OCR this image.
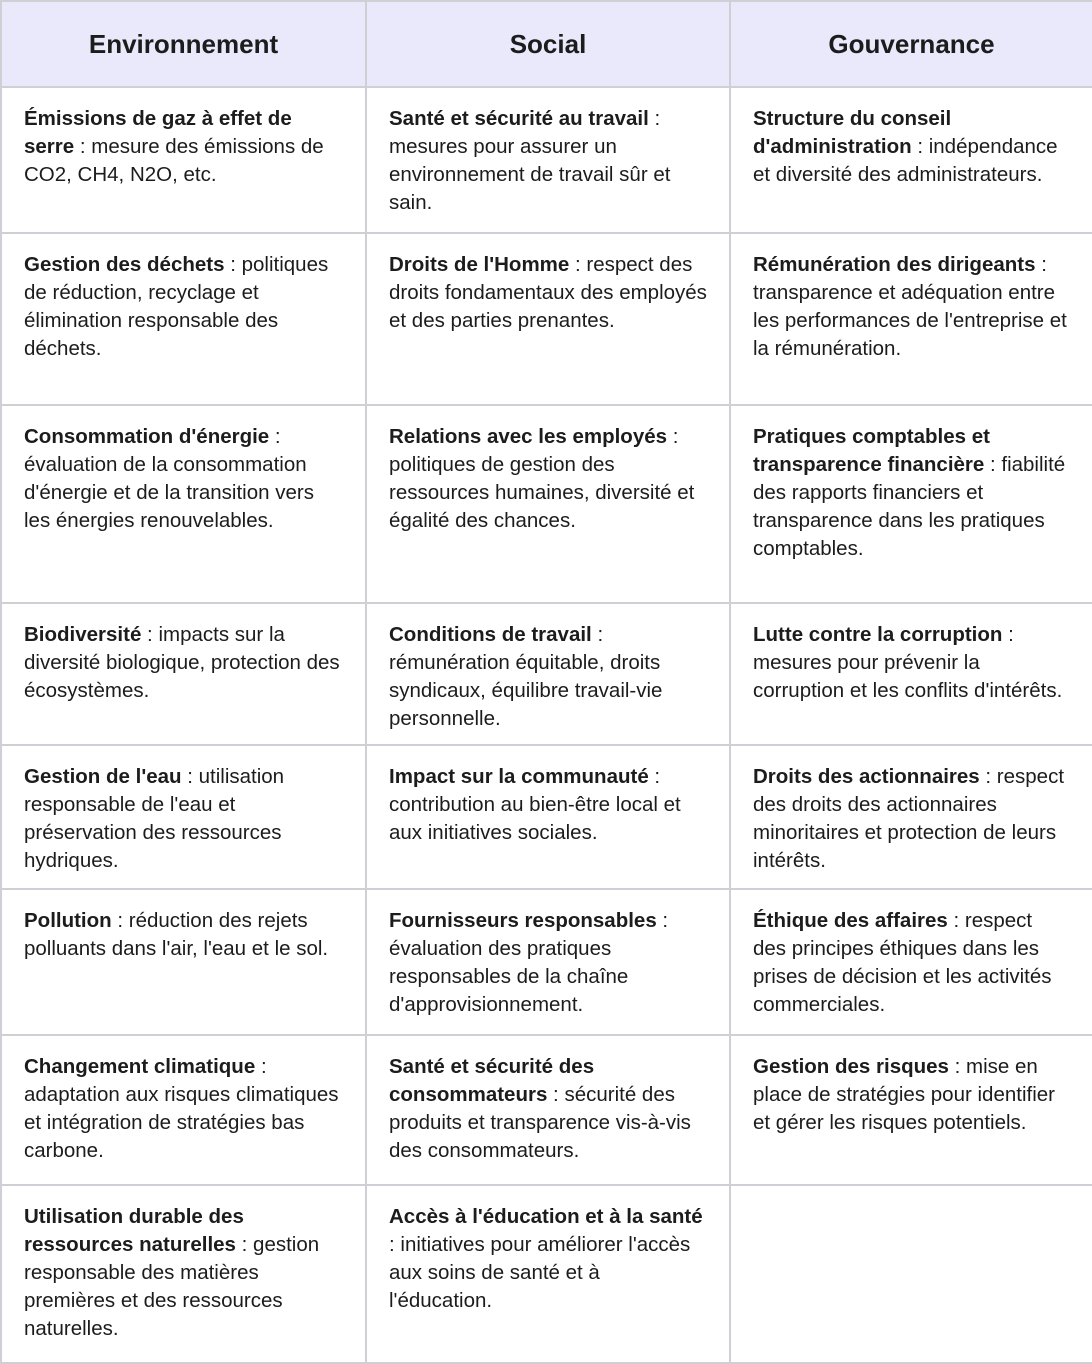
Environnement	Social	Gouvernance
Émissions de gaz à effet de serre : mesure des émissions de CO2, CH4, N2O, etc.	Santé et sécurité au travail : mesures pour assurer un environnement de travail sûr et sain.	Structure du conseil d'administration : indépendance et diversité des administrateurs.
Gestion des déchets : politiques de réduction, recyclage et élimination responsable des déchets.	Droits de l'Homme : respect des droits fondamentaux des employés et des parties prenantes.	Rémunération des dirigeants : transparence et adéquation entre les performances de l'entreprise et la rémunération.
Consommation d'énergie : évaluation de la consommation d'énergie et de la transition vers les énergies renouvelables.	Relations avec les employés : politiques de gestion des ressources humaines, diversité et égalité des chances.	Pratiques comptables et transparence financière : fiabilité des rapports financiers et transparence dans les pratiques comptables.
Biodiversité : impacts sur la diversité biologique, protection des écosystèmes.	Conditions de travail : rémunération équitable, droits syndicaux, équilibre travail-vie personnelle.	Lutte contre la corruption : mesures pour prévenir la corruption et les conflits d'intérêts.
Gestion de l'eau : utilisation responsable de l'eau et préservation des ressources hydriques.	Impact sur la communauté : contribution au bien-être local et aux initiatives sociales.	Droits des actionnaires : respect des droits des actionnaires minoritaires et protection de leurs intérêts.
Pollution : réduction des rejets polluants dans l'air, l'eau et le sol.	Fournisseurs responsables : évaluation des pratiques responsables de la chaîne d'approvisionnement.	Éthique des affaires : respect des principes éthiques dans les prises de décision et les activités commerciales.
Changement climatique : adaptation aux risques climatiques et intégration de stratégies bas carbone.	Santé et sécurité des consommateurs : sécurité des produits et transparence vis-à-vis des consommateurs.	Gestion des risques : mise en place de stratégies pour identifier et gérer les risques potentiels.
Utilisation durable des ressources naturelles : gestion responsable des matières premières et des ressources naturelles.	Accès à l'éducation et à la santé : initiatives pour améliorer l'accès aux soins de santé et à l'éducation.	
